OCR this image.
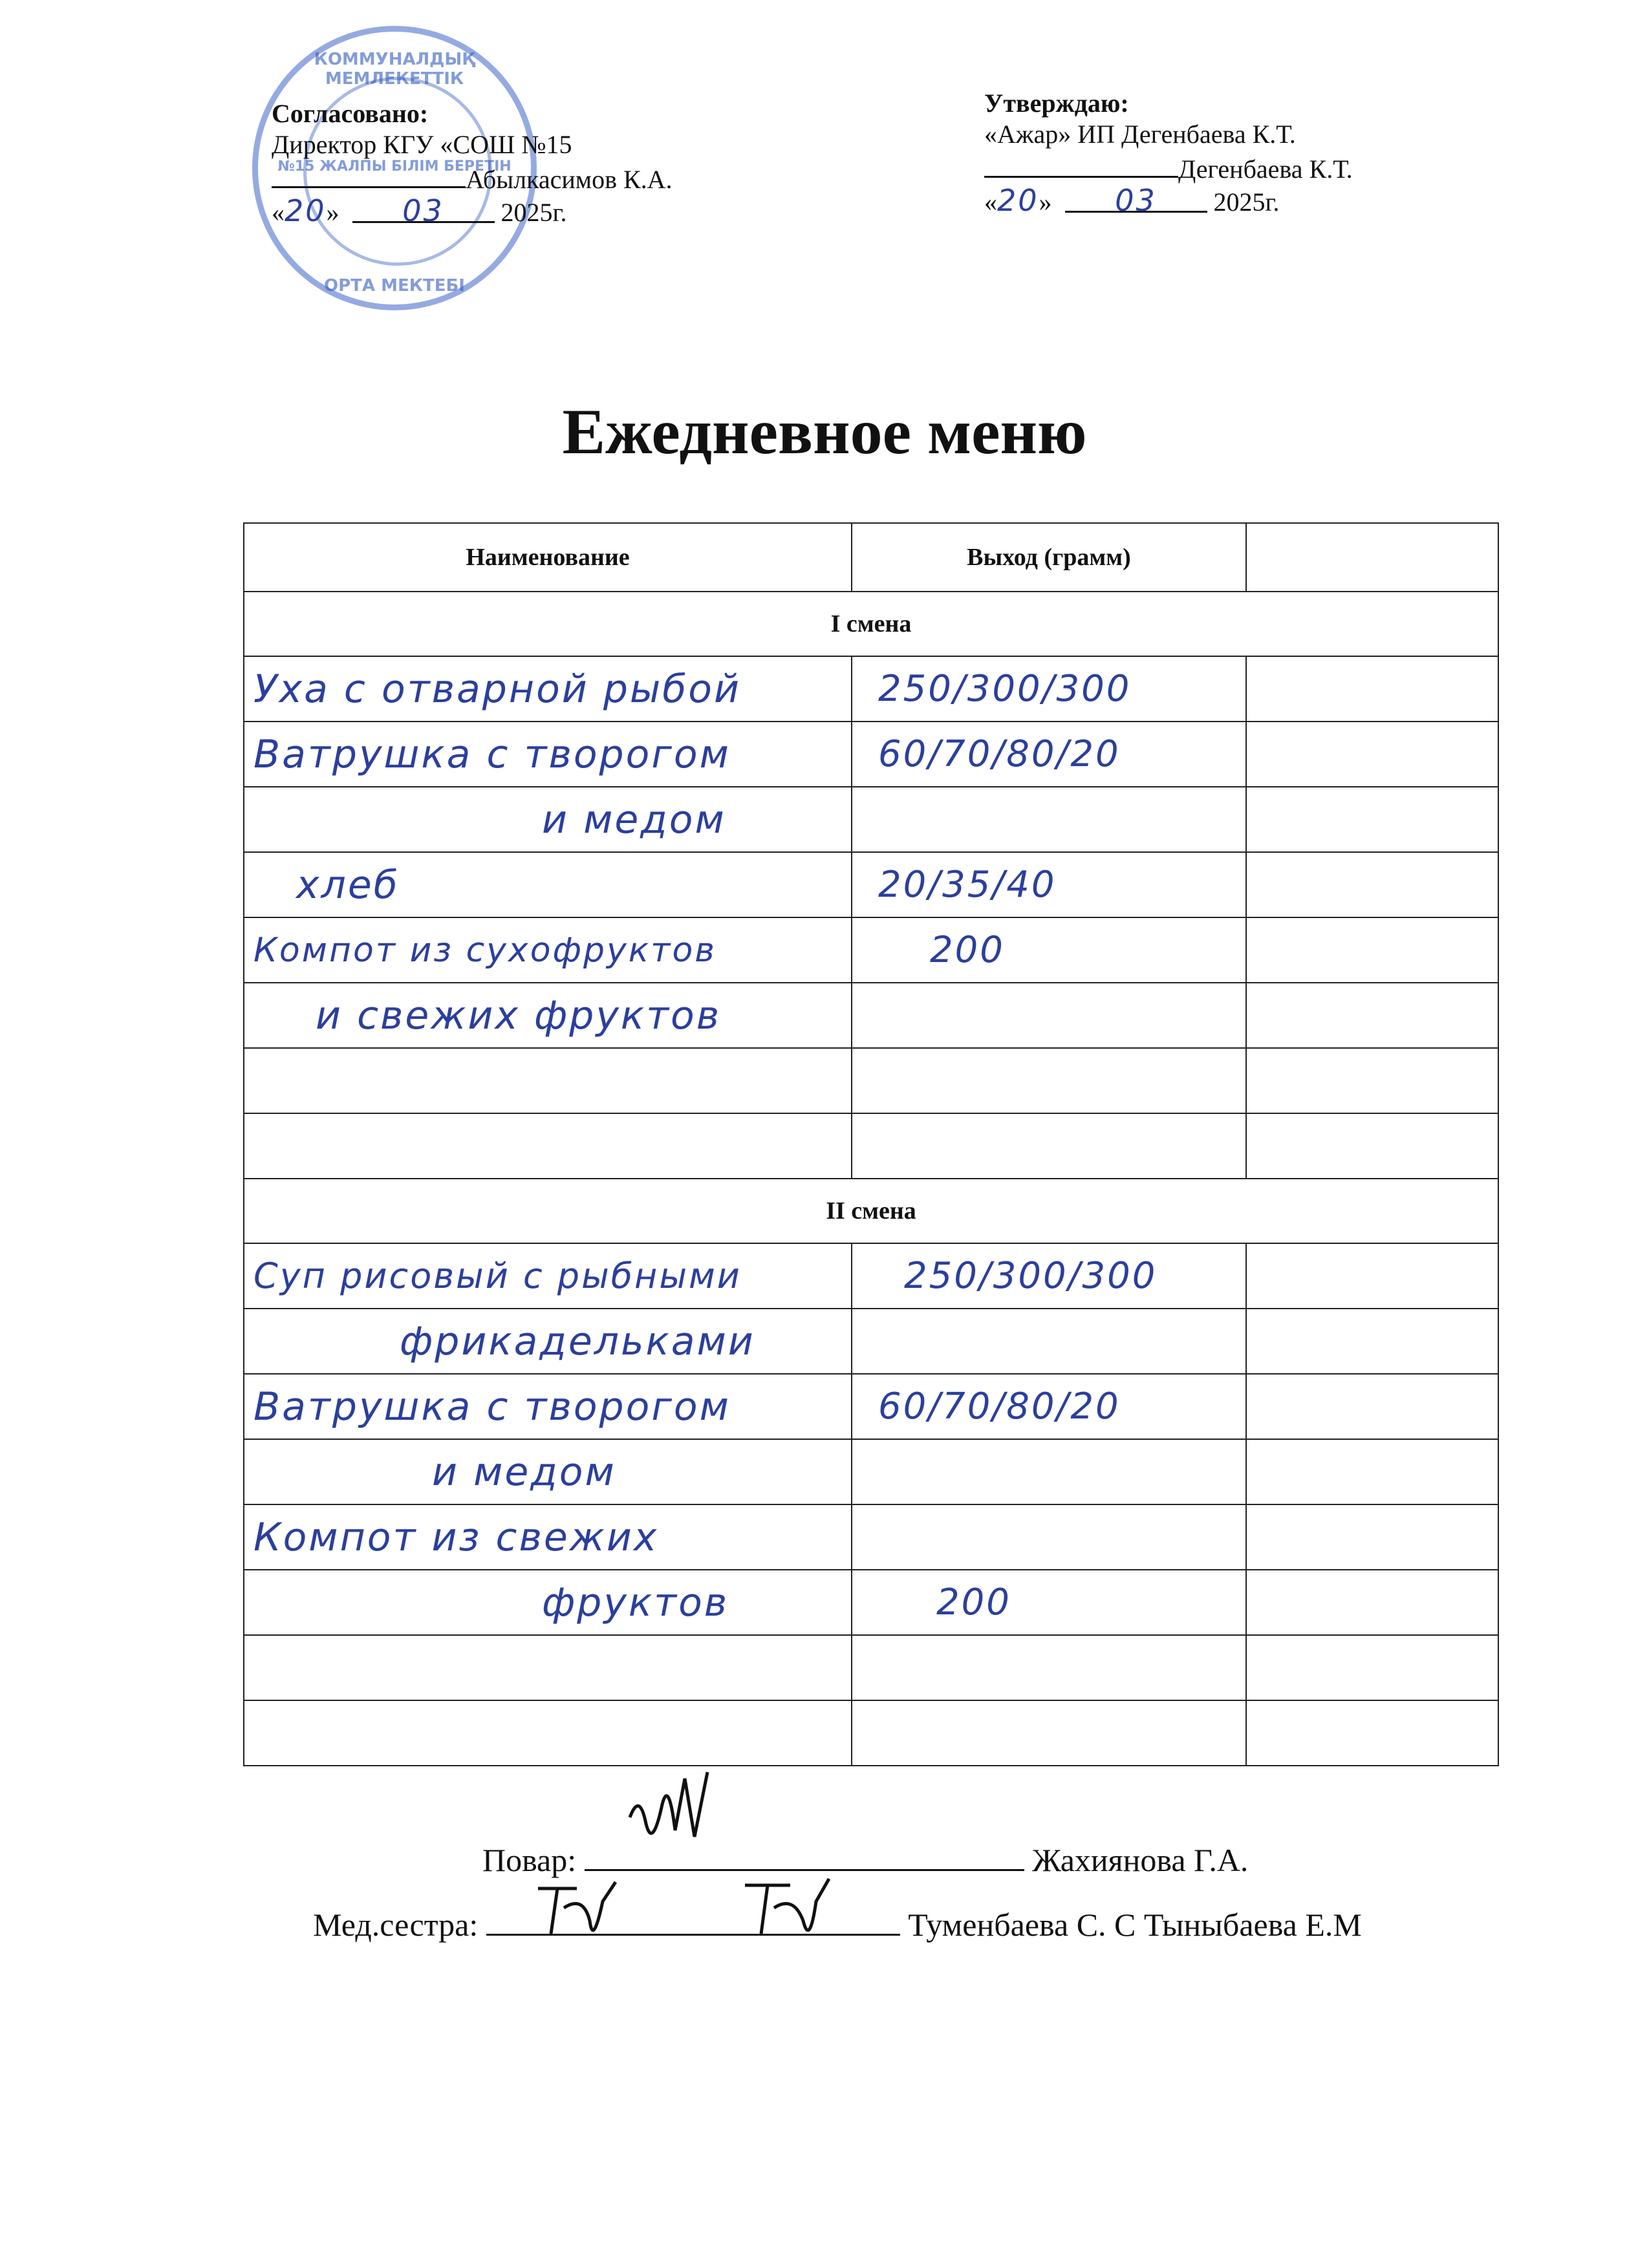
КОММУНАЛДЫҚ МЕМЛЕКЕТТІК
№15 ЖАЛПЫ БІЛІМ БЕРЕТІН
ОРТА МЕКТЕБІ
Согласовано:
Директор КГУ «СОШ №15
Абылкасимов К.А.
«20»  03 2025г.
Утверждаю:
«Ажар» ИП Дегенбаева К.Т.
Дегенбаева К.Т.
«20»  03 2025г.
Ежедневное меню
Наименование	Выход (грамм)	
I смена		
Уха с отварной рыбой	250/300/300	
Ватрушка с творогом	60/70/80/20	
и медом		
хлеб	20/35/40	
Компот из сухофруктов	200	
и свежих фруктов		

II смена		
Суп рисовый с рыбными	250/300/300	
фрикадельками		
Ватрушка с творогом	60/70/80/20	
и медом		
Компот из свежих		
фруктов	200	

Повар:	Жахиянова Г.А.
Мед.сестра:	Туменбаева С. С Тыныбаева Е.М
